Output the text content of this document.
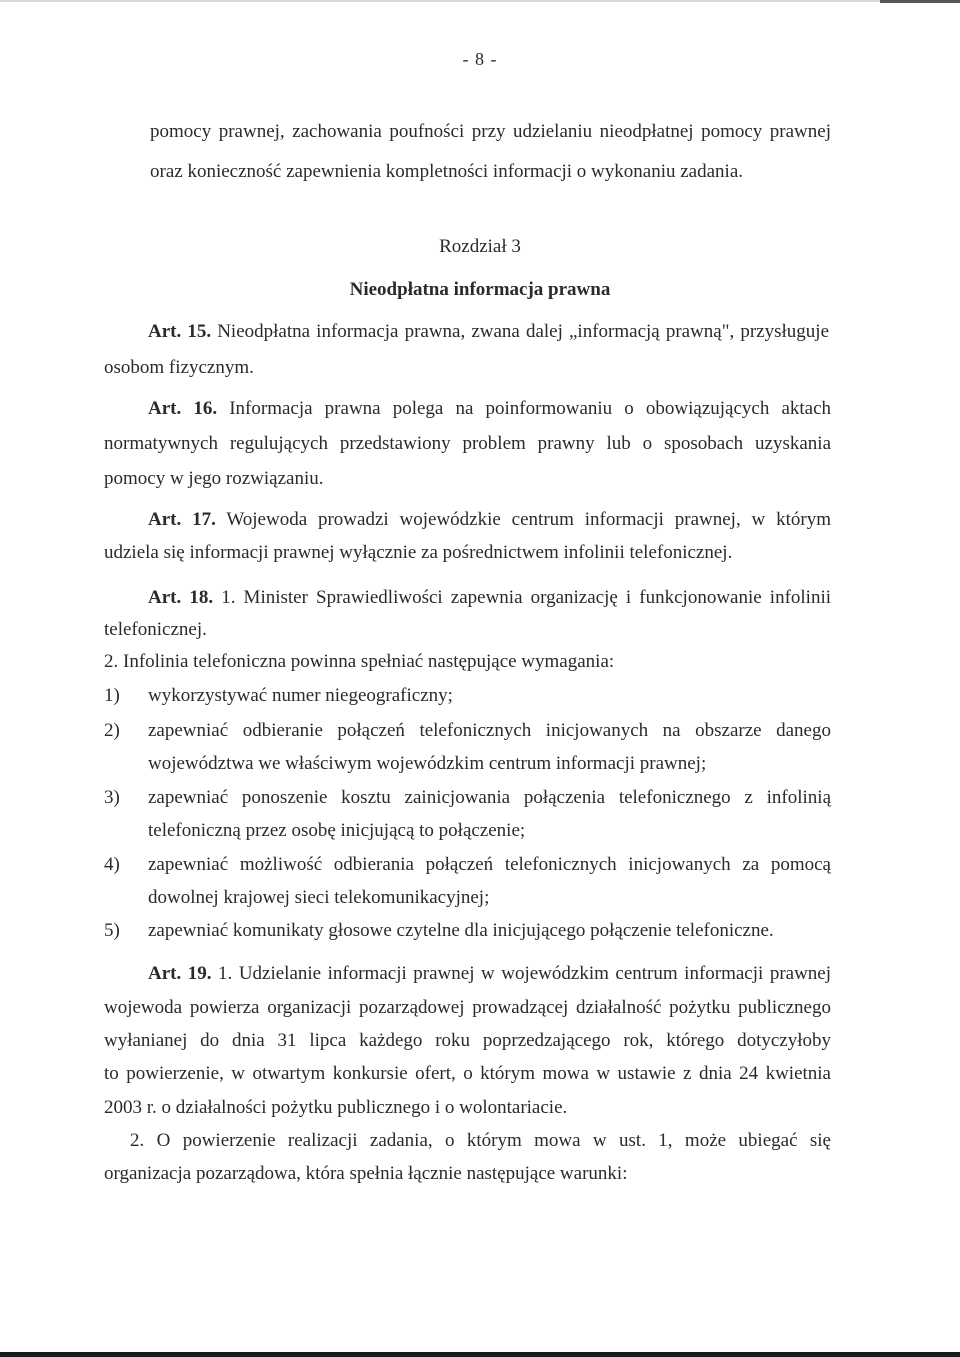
- 8 -
pomocy prawnej, zachowania poufności przy udzielaniu nieodpłatnej pomocy prawnej
oraz konieczność zapewnienia kompletności informacji o wykonaniu zadania.
Rozdział 3
Nieodpłatna informacja prawna
Art. 15. Nieodpłatna informacja prawna, zwana dalej „informacją prawną", przysługuje
osobom fizycznym.
Art. 16. Informacja prawna polega na poinformowaniu o obowiązujących aktach
normatywnych regulujących przedstawiony problem prawny lub o sposobach uzyskania
pomocy w jego rozwiązaniu.
Art. 17. Wojewoda prowadzi wojewódzkie centrum informacji prawnej, w którym
udziela się informacji prawnej wyłącznie za pośrednictwem infolinii telefonicznej.
Art. 18. 1. Minister Sprawiedliwości zapewnia organizację i funkcjonowanie infolinii
telefonicznej.
2. Infolinia telefoniczna powinna spełniać następujące wymagania:
1) wykorzystywać numer niegeograficzny;
2) zapewniać odbieranie połączeń telefonicznych inicjowanych na obszarze danego
województwa we właściwym wojewódzkim centrum informacji prawnej;
3) zapewniać ponoszenie kosztu zainicjowania połączenia telefonicznego z infolinią
telefoniczną przez osobę inicjującą to połączenie;
4) zapewniać możliwość odbierania połączeń telefonicznych inicjowanych za pomocą
dowolnej krajowej sieci telekomunikacyjnej;
5) zapewniać komunikaty głosowe czytelne dla inicjującego połączenie telefoniczne.
Art. 19. 1. Udzielanie informacji prawnej w wojewódzkim centrum informacji prawnej
wojewoda powierza organizacji pozarządowej prowadzącej działalność pożytku publicznego
wyłanianej do dnia 31 lipca każdego roku poprzedzającego rok, którego dotyczyłoby
to powierzenie, w otwartym konkursie ofert, o którym mowa w ustawie z dnia 24 kwietnia
2003 r. o działalności pożytku publicznego i o wolontariacie.
2. O powierzenie realizacji zadania, o którym mowa w ust. 1, może ubiegać się
organizacja pozarządowa, która spełnia łącznie następujące warunki:
